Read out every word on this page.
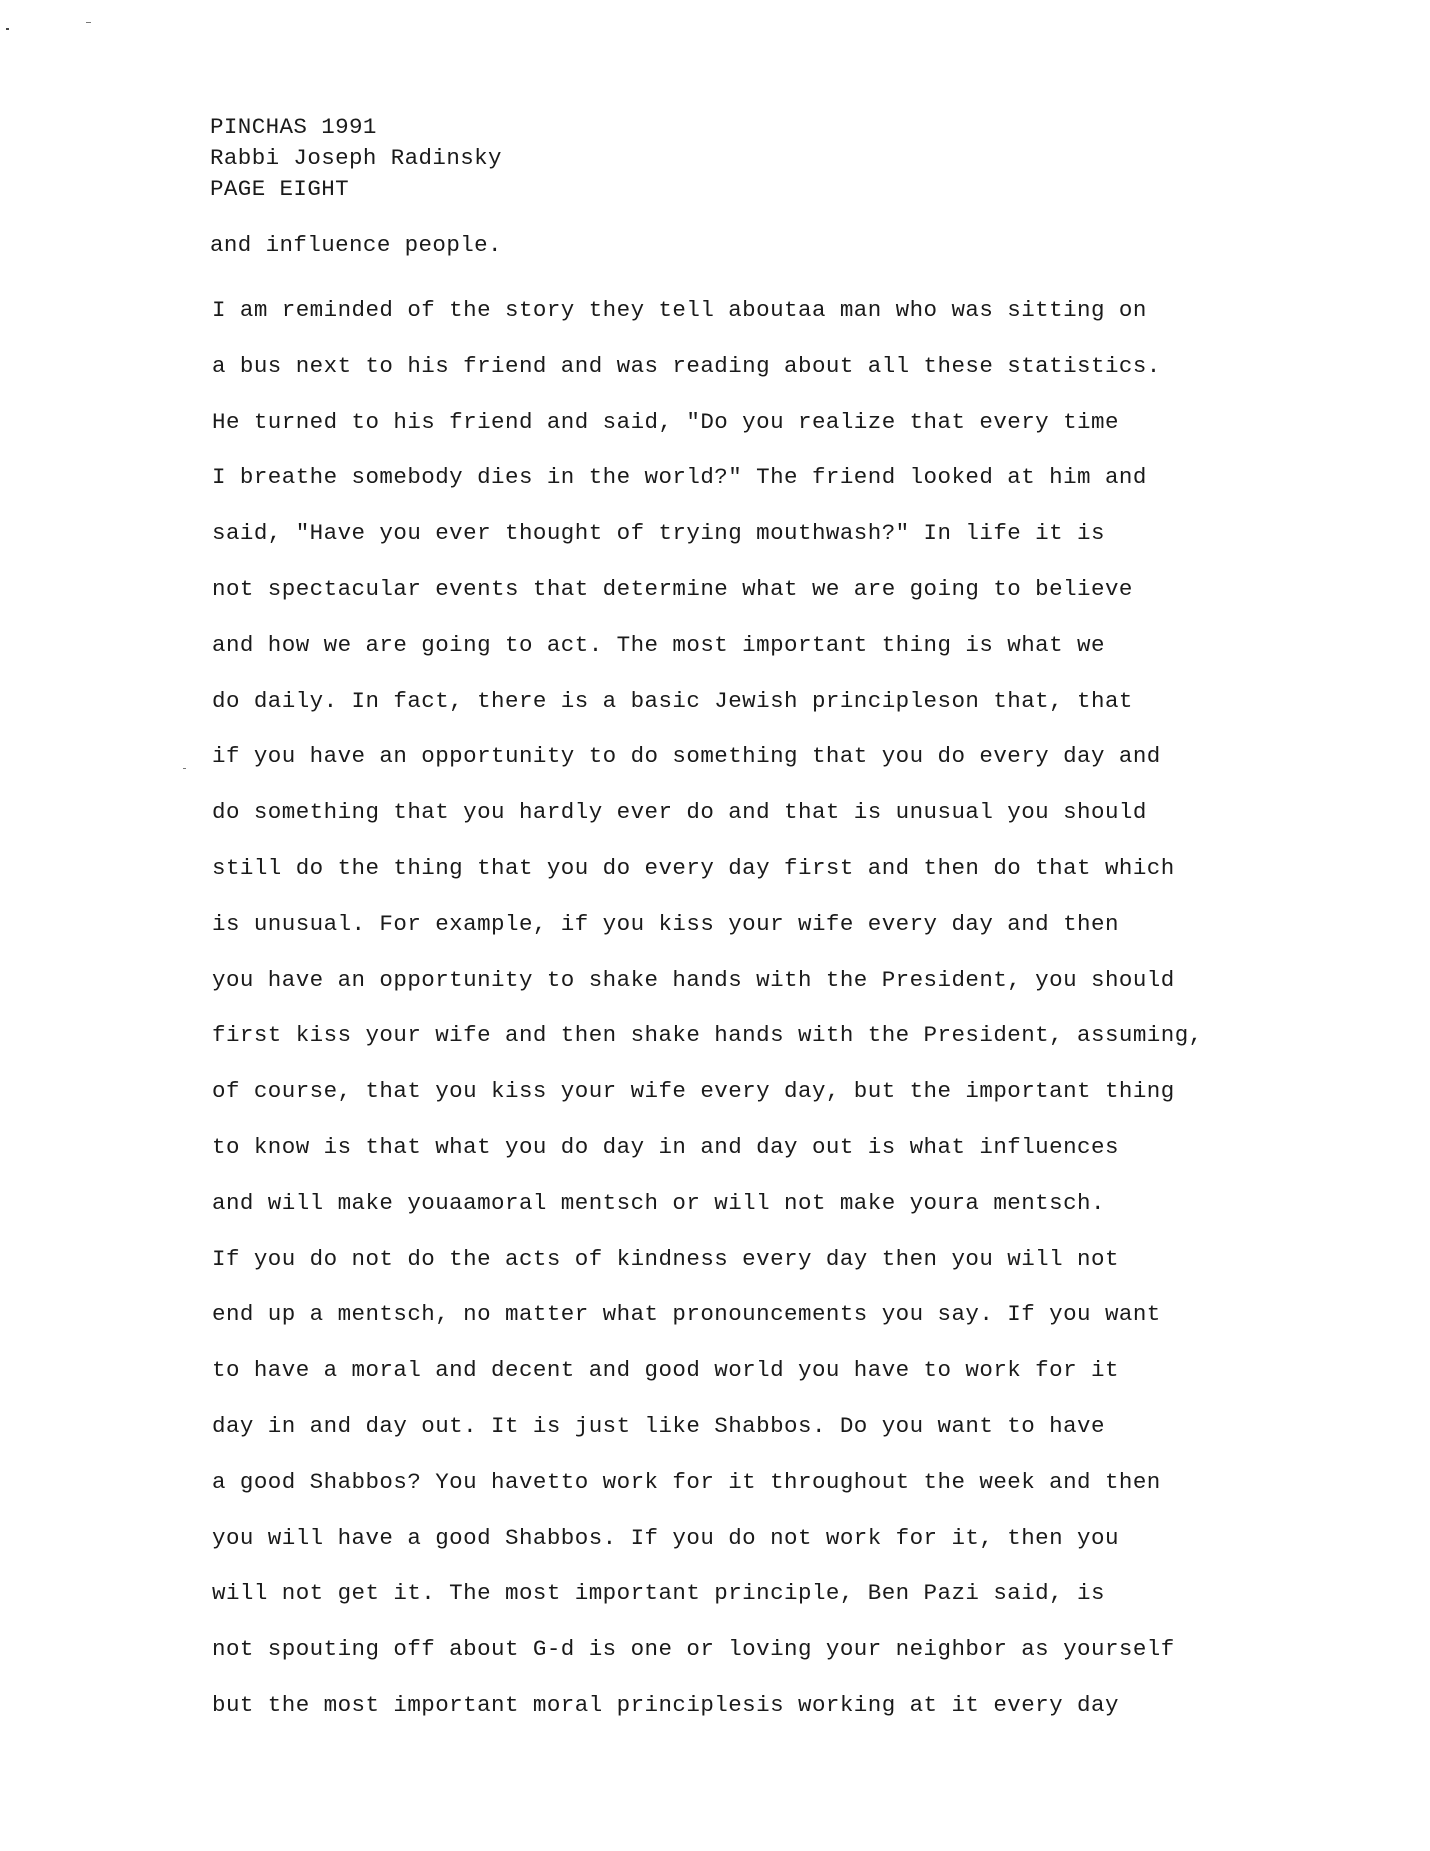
PINCHAS 1991
Rabbi Joseph Radinsky
PAGE EIGHT
and influence people.
I am reminded of the story they tell aboutaa man who was sitting on
a bus next to his friend and was reading about all these statistics.
He turned to his friend and said, "Do you realize that every time
I breathe somebody dies in the world?" The friend looked at him and
said, "Have you ever thought of trying mouthwash?" In life it is
not spectacular events that determine what we are going to believe
and how we are going to act. The most important thing is what we
do daily. In fact, there is a basic Jewish principleson that, that
if you have an opportunity to do something that you do every day and
do something that you hardly ever do and that is unusual you should
still do the thing that you do every day first and then do that which
is unusual. For example, if you kiss your wife every day and then
you have an opportunity to shake hands with the President, you should
first kiss your wife and then shake hands with the President, assuming,
of course, that you kiss your wife every day, but the important thing
to know is that what you do day in and day out is what influences
and will make youaamoral mentsch or will not make youra mentsch.
If you do not do the acts of kindness every day then you will not
end up a mentsch, no matter what pronouncements you say. If you want
to have a moral and decent and good world you have to work for it
day in and day out. It is just like Shabbos. Do you want to have
a good Shabbos? You havetto work for it throughout the week and then
you will have a good Shabbos. If you do not work for it, then you
will not get it. The most important principle, Ben Pazi said, is
not spouting off about G-d is one or loving your neighbor as yourself
but the most important moral principlesis working at it every day
